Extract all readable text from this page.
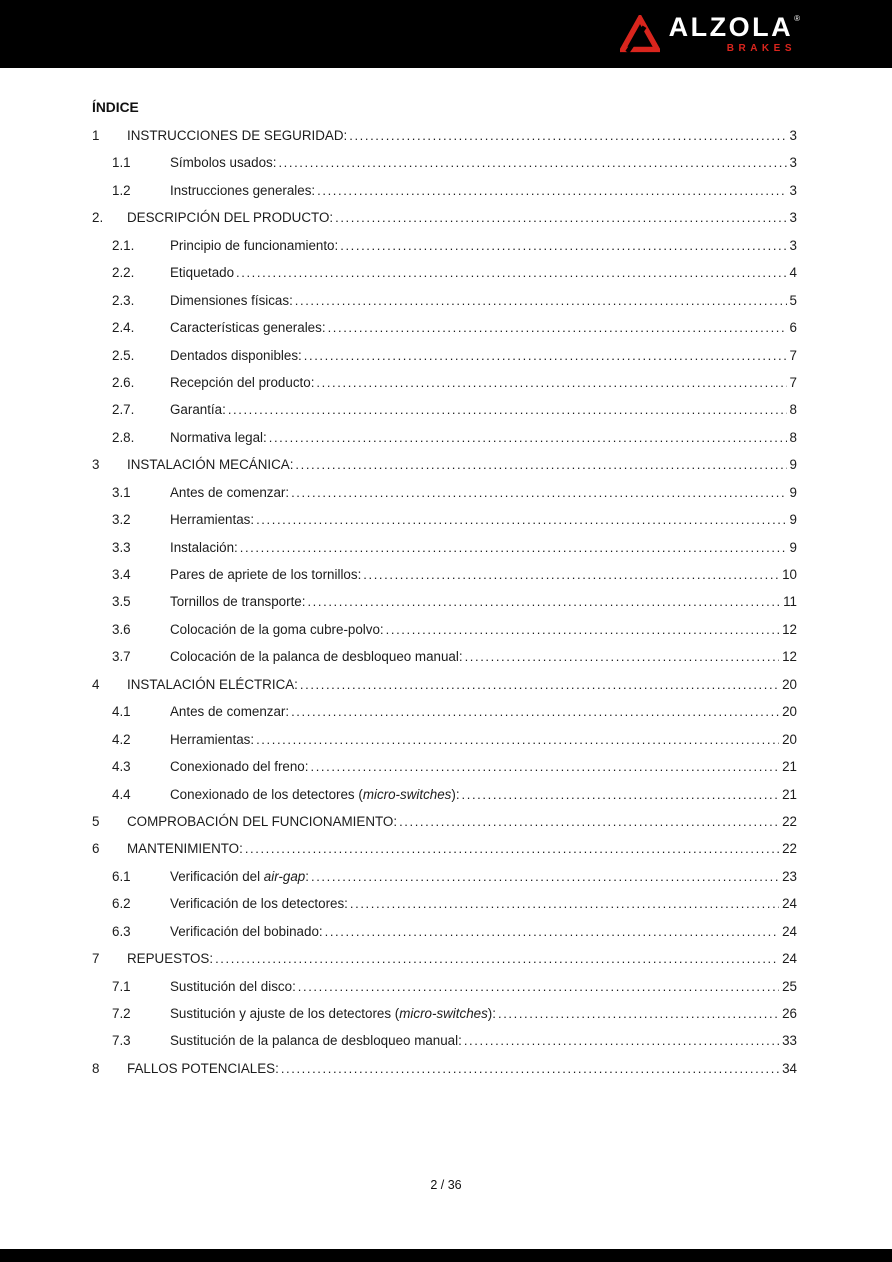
ALZOLA ®
BRAKES
ÍNDICE
1	INSTRUCCIONES DE SEGURIDAD: .....	3
1.1	Símbolos usados: .....	3
1.2	Instrucciones generales: .....	3
2.	DESCRIPCIÓN DEL PRODUCTO: .....	3
2.1.	Principio de funcionamiento: .....	3
2.2.	Etiquetado .....	4
2.3.	Dimensiones físicas: .....	5
2.4.	Características generales: .....	6
2.5.	Dentados disponibles: .....	7
2.6.	Recepción del producto: .....	7
2.7.	Garantía: .....	8
2.8.	Normativa legal: .....	8
3	INSTALACIÓN MECÁNICA: .....	9
3.1	Antes de comenzar: .....	9
3.2	Herramientas: .....	9
3.3	Instalación: .....	9
3.4	Pares de apriete de los tornillos: .....	10
3.5	Tornillos de transporte: .....	11
3.6	Colocación de la goma cubre-polvo: .....	12
3.7	Colocación de la palanca de desbloqueo manual: .....	12
4	INSTALACIÓN ELÉCTRICA: .....	20
4.1	Antes de comenzar: .....	20
4.2	Herramientas: .....	20
4.3	Conexionado del freno: .....	21
4.4	Conexionado de los detectores (micro-switches): .....	21
5	COMPROBACIÓN DEL FUNCIONAMIENTO: .....	22
6	MANTENIMIENTO: .....	22
6.1	Verificación del air-gap: .....	23
6.2	Verificación de los detectores: .....	24
6.3	Verificación del bobinado: .....	24
7	REPUESTOS: .....	24
7.1	Sustitución del disco: .....	25
7.2	Sustitución y ajuste de los detectores (micro-switches): .....	26
7.3	Sustitución de la palanca de desbloqueo manual: .....	33
8	FALLOS POTENCIALES: .....	34
2 / 36
